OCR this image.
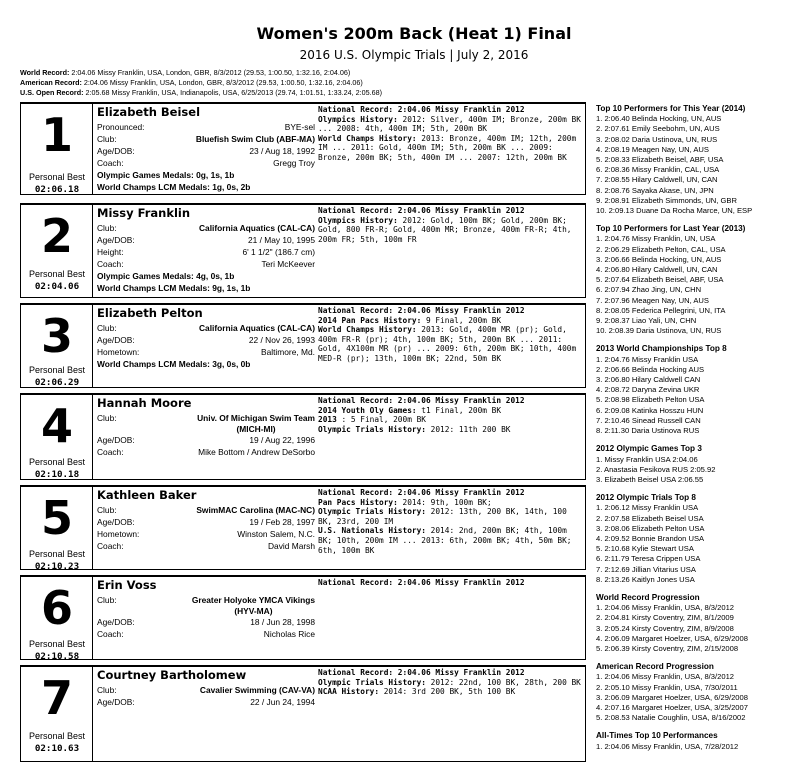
Women's 200m Back (Heat 1) Final
2016 U.S. Olympic Trials | July 2, 2016
World Record: 2:04.06 Missy Franklin, USA, London, GBR, 8/3/2012 (29.53, 1:00.50, 1:32.16, 2:04.06)
American Record: 2:04.06 Missy Franklin, USA, London, GBR, 8/3/2012 (29.53, 1:00.50, 1:32.16, 2:04.06)
U.S. Open Record: 2:05.68 Missy Franklin, USA, Indianapolis, USA, 6/25/2013 (29.74, 1:01.51, 1:33.24, 2:05.68)
1
Personal Best
02:06.18
Elizabeth Beisel
Pronounced:	BYE-sel
Club:	Bluefish Swim Club (ABF-MA)
Age/DOB:	23 / Aug 18, 1992
Coach:	Gregg Troy
Olympic Games Medals: 0g, 1s, 1b
World Champs LCM Medals: 1g, 0s, 2b
National Record: 2:04.06 Missy Franklin 2012
Olympics History: 2012: Silver, 400m IM; Bronze, 200m BK ... 2008: 4th, 400m IM; 5th, 200m BK
World Champs History: 2013: Bronze, 400m IM; 12th, 200m IM ... 2011: Gold, 400m IM; 5th, 200m BK ... 2009: Bronze, 200m BK; 5th, 400m IM ... 2007: 12th, 200m BK
2
Personal Best
02:04.06
Missy Franklin
Club:	California Aquatics (CAL-CA)
Age/DOB:	21 / May 10, 1995
Height:	6' 1 1/2" (186.7 cm)
Coach:	Teri McKeever
Olympic Games Medals: 4g, 0s, 1b
World Champs LCM Medals: 9g, 1s, 1b
National Record: 2:04.06 Missy Franklin 2012
Olympics History: 2012: Gold, 100m BK; Gold, 200m BK; Gold, 800 FR-R; Gold, 400m MR; Bronze, 400m FR-R; 4th, 200m FR; 5th, 100m FR
3
Personal Best
02:06.29
Elizabeth Pelton
Club:	California Aquatics (CAL-CA)
Age/DOB:	22 / Nov 26, 1993
Hometown:	Baltimore, Md.
World Champs LCM Medals: 3g, 0s, 0b
National Record: 2:04.06 Missy Franklin 2012
2014 Pan Pacs History: 9 Final, 200m BK
World Champs History: 2013: Gold, 400m MR (pr); Gold, 400m FR-R (pr); 4th, 100m BK; 5th, 200m BK ... 2011: Gold, 4X100m MR (pr) ... 2009: 6th, 200m BK; 10th, 400m MED-R (pr); 13th, 100m BK; 22nd, 50m BK
4
Personal Best
02:10.18
Hannah Moore
Club:	Univ. Of Michigan Swim Team
(MICH-MI)
Age/DOB:	19 / Aug 22, 1996
Coach:	Mike Bottom / Andrew DeSorbo
National Record: 2:04.06 Missy Franklin 2012
2014 Youth Oly Games: t1 Final, 200m BK
2013 : 5 Final, 200m BK
Olympic Trials History: 2012: 11th 200 BK
5
Personal Best
02:10.23
Kathleen Baker
Club:	SwimMAC Carolina (MAC-NC)
Age/DOB:	19 / Feb 28, 1997
Hometown:	Winston Salem, N.C.
Coach:	David Marsh
National Record: 2:04.06 Missy Franklin 2012
Pan Pacs History: 2014: 9th, 100m BK;
Olympic Trials History: 2012: 13th, 200 BK, 14th, 100 BK, 23rd, 200 IM
U.S. Nationals History: 2014: 2nd, 200m BK; 4th, 100m BK; 10th, 200m IM ... 2013: 6th, 200m BK; 4th, 50m BK; 6th, 100m BK
6
Personal Best
02:10.58
Erin Voss
Club:	Greater Holyoke YMCA Vikings
(HYV-MA)
Age/DOB:	18 / Jun 28, 1998
Coach:	Nicholas Rice
National Record: 2:04.06 Missy Franklin 2012
7
Personal Best
02:10.63
Courtney Bartholomew
Club:	Cavalier Swimming (CAV-VA)
Age/DOB:	22 / Jun 24, 1994
National Record: 2:04.06 Missy Franklin 2012
Olympic Trials History: 2012: 22nd, 100 BK, 28th, 200 BK
NCAA History: 2014: 3rd 200 BK, 5th 100 BK
Top 10 Performers for This Year (2014)
1. 2:06.40 Belinda Hocking, UN, AUS
2. 2:07.61 Emily Seebohm, UN, AUS
3. 2:08.02 Daria Ustinova, UN, RUS
4. 2:08.19 Meagen Nay, UN, AUS
5. 2:08.33 Elizabeth Beisel, ABF, USA
6. 2:08.36 Missy Franklin, CAL, USA
7. 2:08.55 Hilary Caldwell, UN, CAN
8. 2:08.76 Sayaka Akase, UN, JPN
9. 2:08.91 Elizabeth Simmonds, UN, GBR
10. 2:09.13 Duane Da Rocha Marce, UN, ESP
Top 10 Performers for Last Year (2013)
1. 2:04.76 Missy Franklin, UN, USA
2. 2:06.29 Elizabeth Pelton, CAL, USA
3. 2:06.66 Belinda Hocking, UN, AUS
4. 2:06.80 Hilary Caldwell, UN, CAN
5. 2:07.64 Elizabeth Beisel, ABF, USA
6. 2:07.94 Zhao Jing, UN, CHN
7. 2:07.96 Meagen Nay, UN, AUS
8. 2:08.05 Federica Pellegrini, UN, ITA
9. 2:08.37 Liao Yali, UN, CHN
10. 2:08.39 Daria Ustinova, UN, RUS
2013 World Championships Top 8
1. 2:04.76 Missy Franklin USA
2. 2:06.66 Belinda Hocking AUS
3. 2:06.80 Hilary Caldwell CAN
4. 2:08.72 Daryna Zevina UKR
5. 2:08.98 Elizabeth Pelton USA
6. 2:09.08 Katinka Hosszu HUN
7. 2:10.46 Sinead Russell CAN
8. 2:11.30 Daria Ustinova RUS
2012 Olympic Games Top 3
1. Missy Franklin USA 2:04.06
2. Anastasia Fesikova RUS 2:05.92
3. Elizabeth Beisel USA 2:06.55
2012 Olympic Trials Top 8
1. 2:06.12 Missy Franklin USA
2. 2:07.58 Elizabeth Beisel USA
3. 2:08.06 Elizabeth Pelton USA
4. 2:09.52 Bonnie Brandon USA
5. 2:10.68 Kylie Stewart USA
6. 2:11.79 Teresa Crippen USA
7. 2:12.69 Jillian Vitarius USA
8. 2:13.26 Kaitlyn Jones USA
World Record Progression
1. 2:04.06 Missy Franklin, USA, 8/3/2012
2. 2:04.81 Kirsty Coventry, ZIM, 8/1/2009
3. 2:05.24 Kirsty Coventry, ZIM, 8/9/2008
4. 2:06.09 Margaret Hoelzer, USA, 6/29/2008
5. 2:06.39 Kirsty Coventry, ZIM, 2/15/2008
American Record Progression
1. 2:04.06 Missy Franklin, USA, 8/3/2012
2. 2:05.10 Missy Franklin, USA, 7/30/2011
3. 2:06.09 Margaret Hoelzer, USA, 6/29/2008
4. 2:07.16 Margaret Hoelzer, USA, 3/25/2007
5. 2:08.53 Natalie Coughlin, USA, 8/16/2002
All-Times Top 10 Performances
1. 2:04.06 Missy Franklin, USA, 7/28/2012
